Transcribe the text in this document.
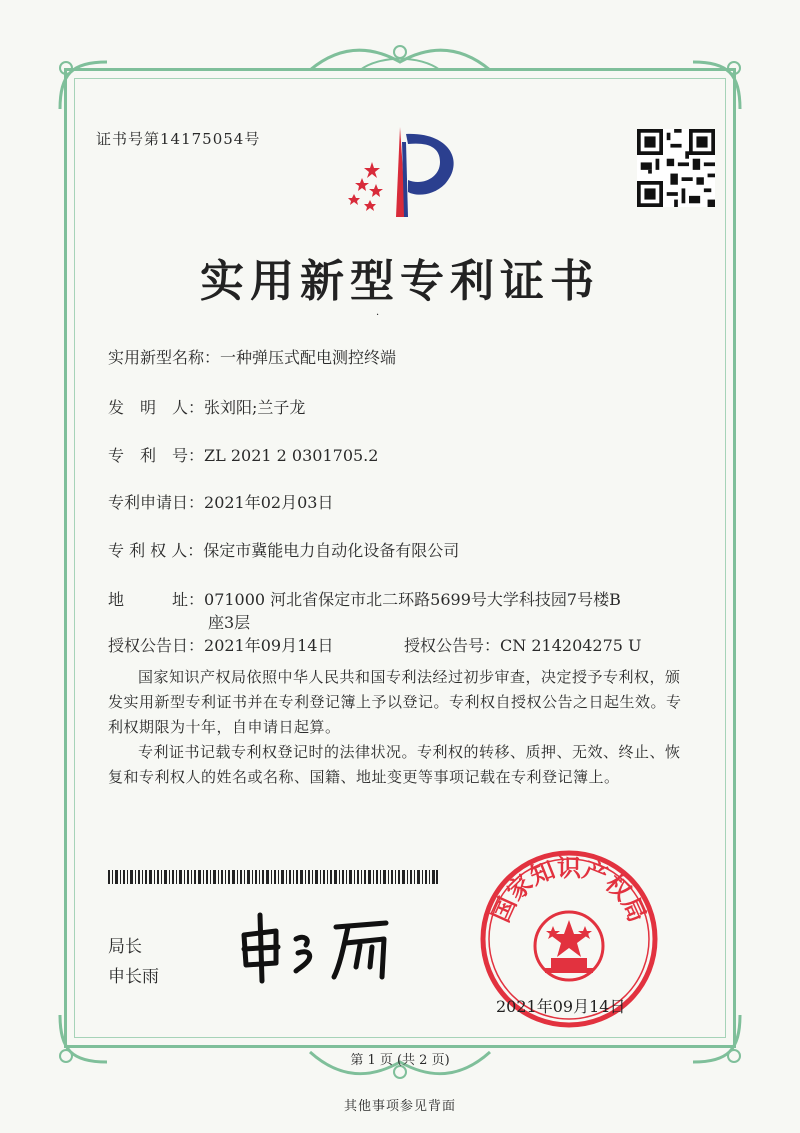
证书号第14175054号
实用新型专利证书
·
实用新型名称：一种弹压式配电测控终端
发　明　人：张刘阳;兰子龙
专　利　号：ZL 2021 2 0301705.2
专利申请日：2021年02月03日
专 利 权 人：保定市冀能电力自动化设备有限公司
地　　　址：071000 河北省保定市北二环路5699号大学科技园7号楼B
座3层
授权公告日：2021年09月14日	授权公告号：CN 214204275 U
国家知识产权局依照中华人民共和国专利法经过初步审查，决定授予专利权，颁发实用新型专利证书并在专利登记簿上予以登记。专利权自授权公告之日起生效。专利权期限为十年，自申请日起算。
专利证书记载专利权登记时的法律状况。专利权的转移、质押、无效、终止、恢复和专利权人的姓名或名称、国籍、地址变更等事项记载在专利登记簿上。
局长
申长雨
国家知识产权局
2021年09月14日
第 1 页 (共 2 页)
其他事项参见背面
